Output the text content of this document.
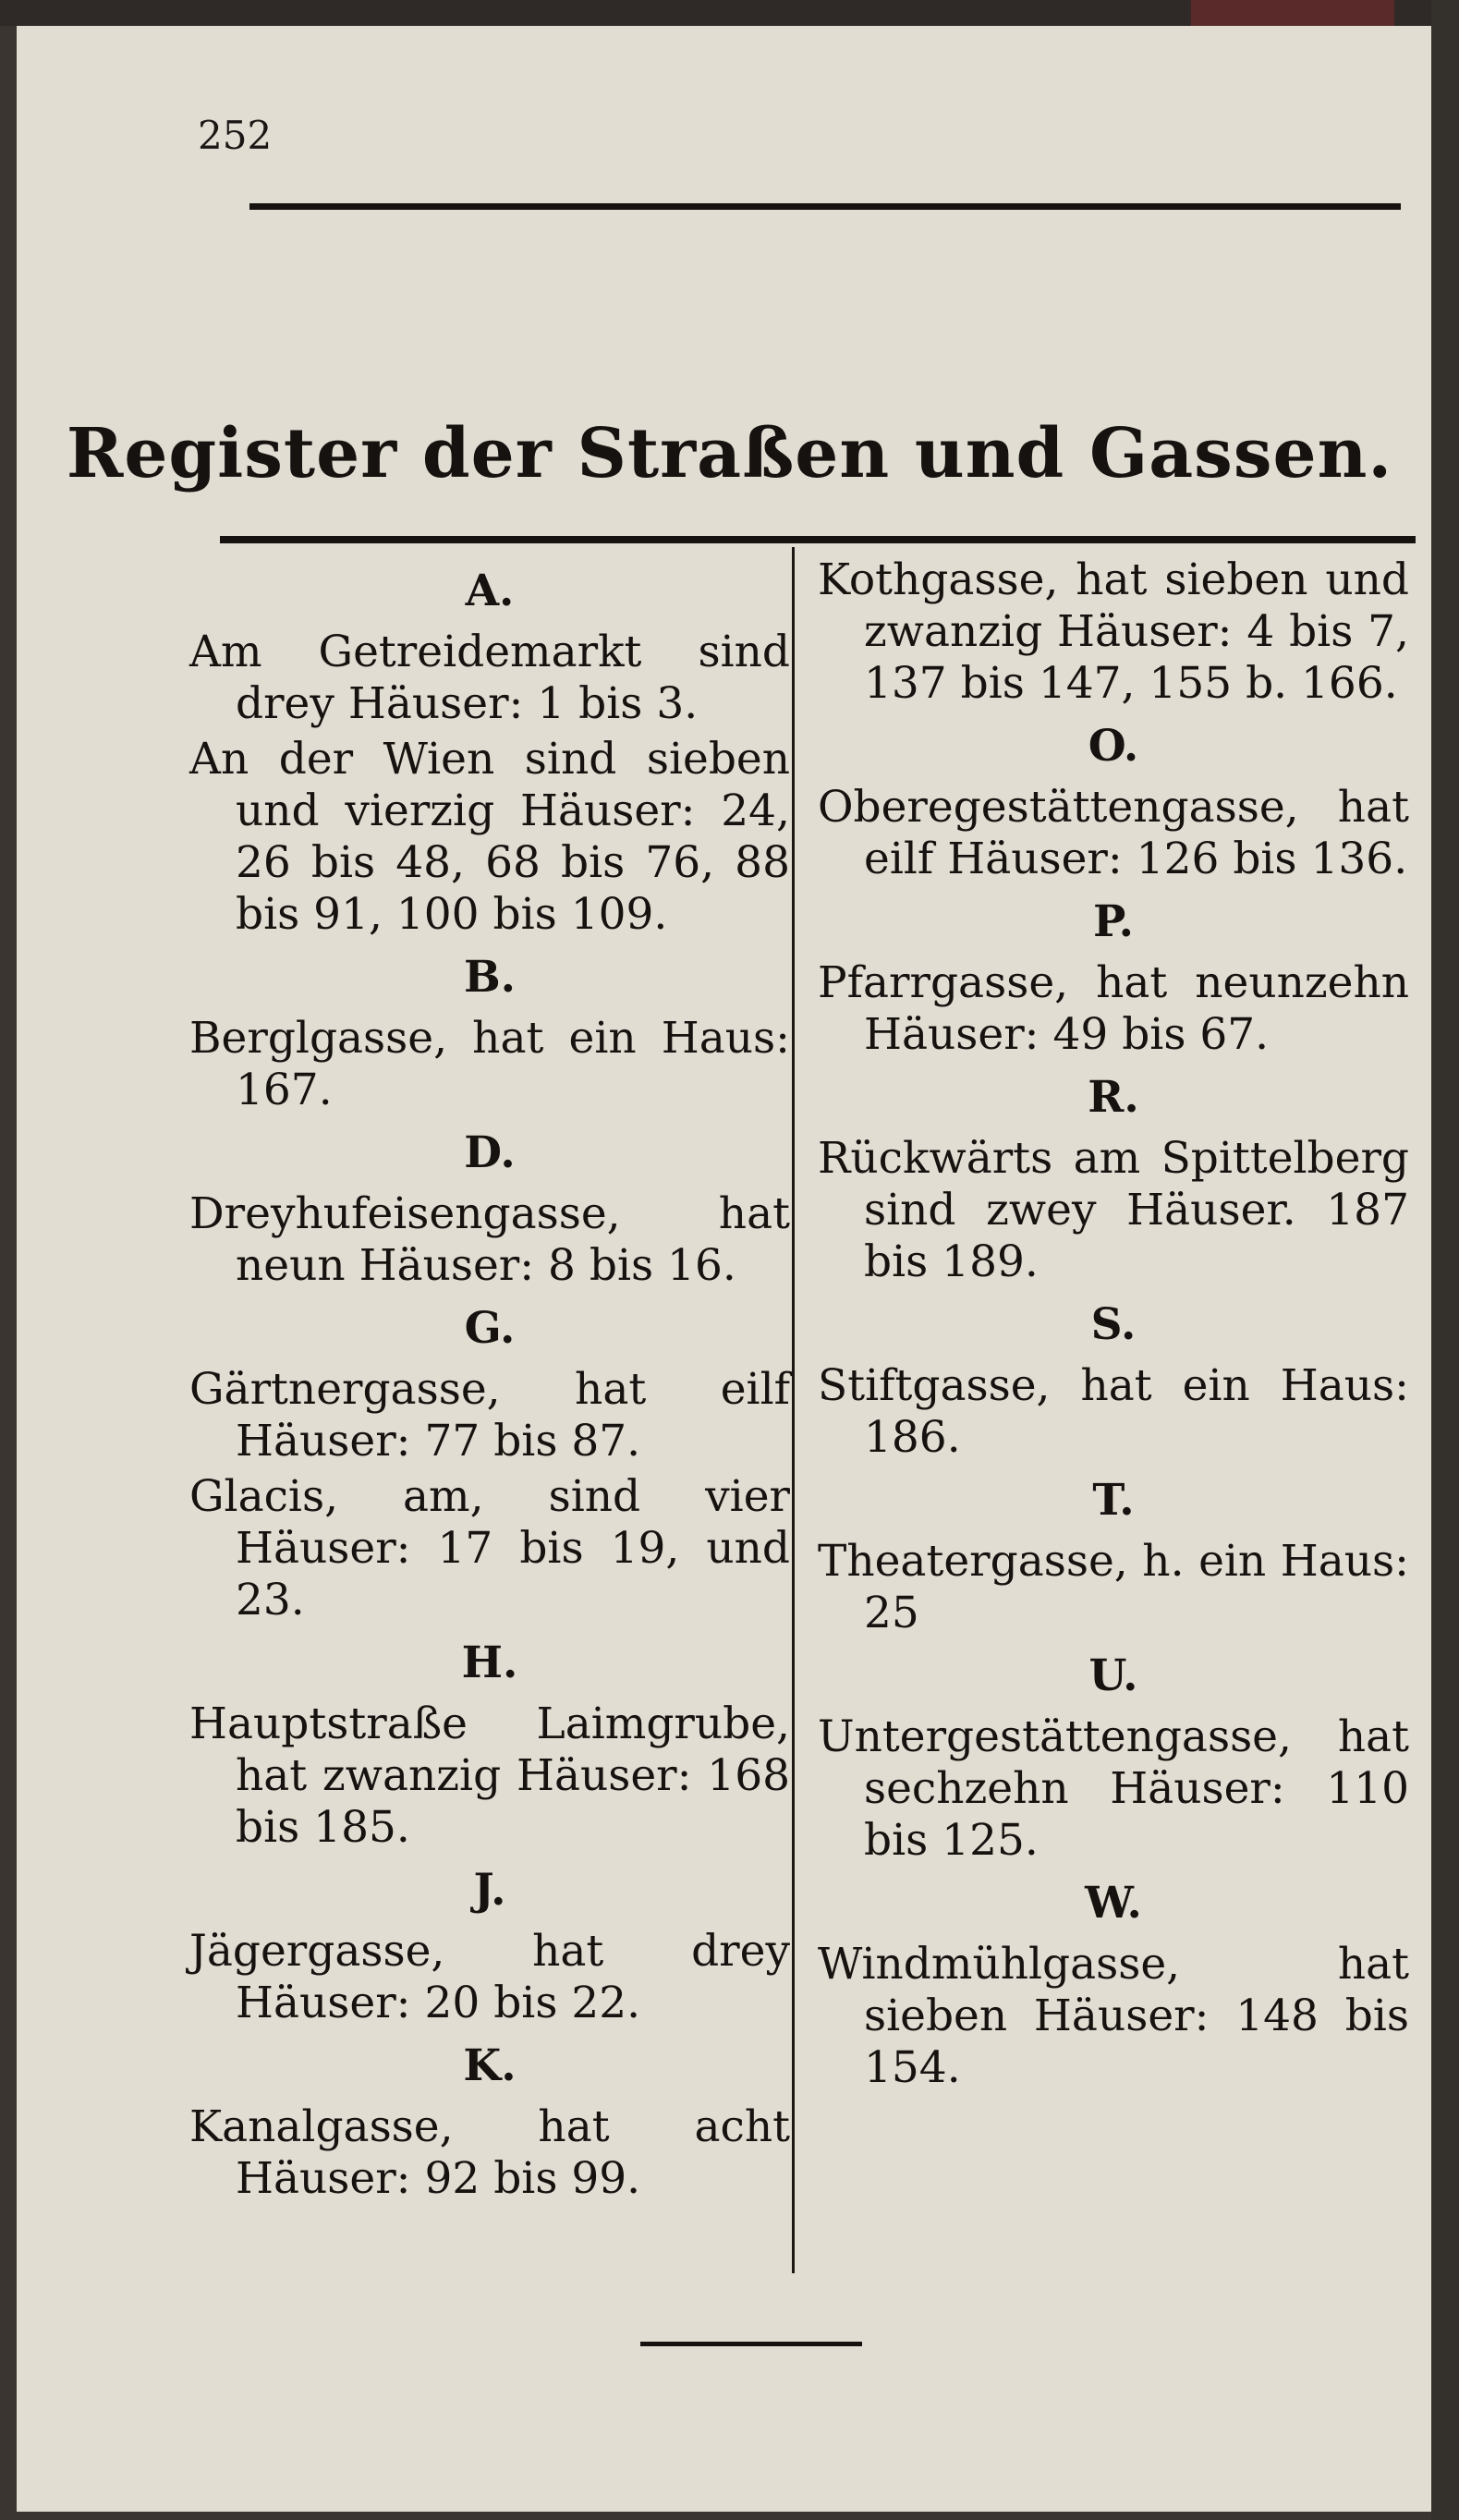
252
Register der Straßen und Gassen.
A.
Am Getreidemarkt sind drey Häuser: 1 bis 3.
An der Wien sind sieben und vierzig Häuser: 24, 26 bis 48, 68 bis 76, 88 bis 91, 100 bis 109.
B.
Berglgasse, hat ein Haus: 167.
D.
Dreyhufeisengasse, hat neun Häuser: 8 bis 16.
G.
Gärtnergasse, hat eilf Häuser: 77 bis 87.
Glacis, am, sind vier Häuser: 17 bis 19, und 23.
H.
Hauptstraße Laimgrube, hat zwanzig Häuser: 168 bis 185.
J.
Jägergasse, hat drey Häuser: 20 bis 22.
K.
Kanalgasse, hat acht Häuser: 92 bis 99.
Kothgasse, hat sieben und zwanzig Häuser: 4 bis 7, 137 bis 147, 155 b. 166.
O.
Oberegestättengasse, hat eilf Häuser: 126 bis 136.
P.
Pfarrgasse, hat neunzehn Häuser: 49 bis 67.
R.
Rückwärts am Spittelberg sind zwey Häuser. 187 bis 189.
S.
Stiftgasse, hat ein Haus: 186.
T.
Theatergasse, h. ein Haus: 25
U.
Untergestättengasse, hat sechzehn Häuser: 110 bis 125.
W.
Windmühlgasse, hat sieben Häuser: 148 bis 154.
